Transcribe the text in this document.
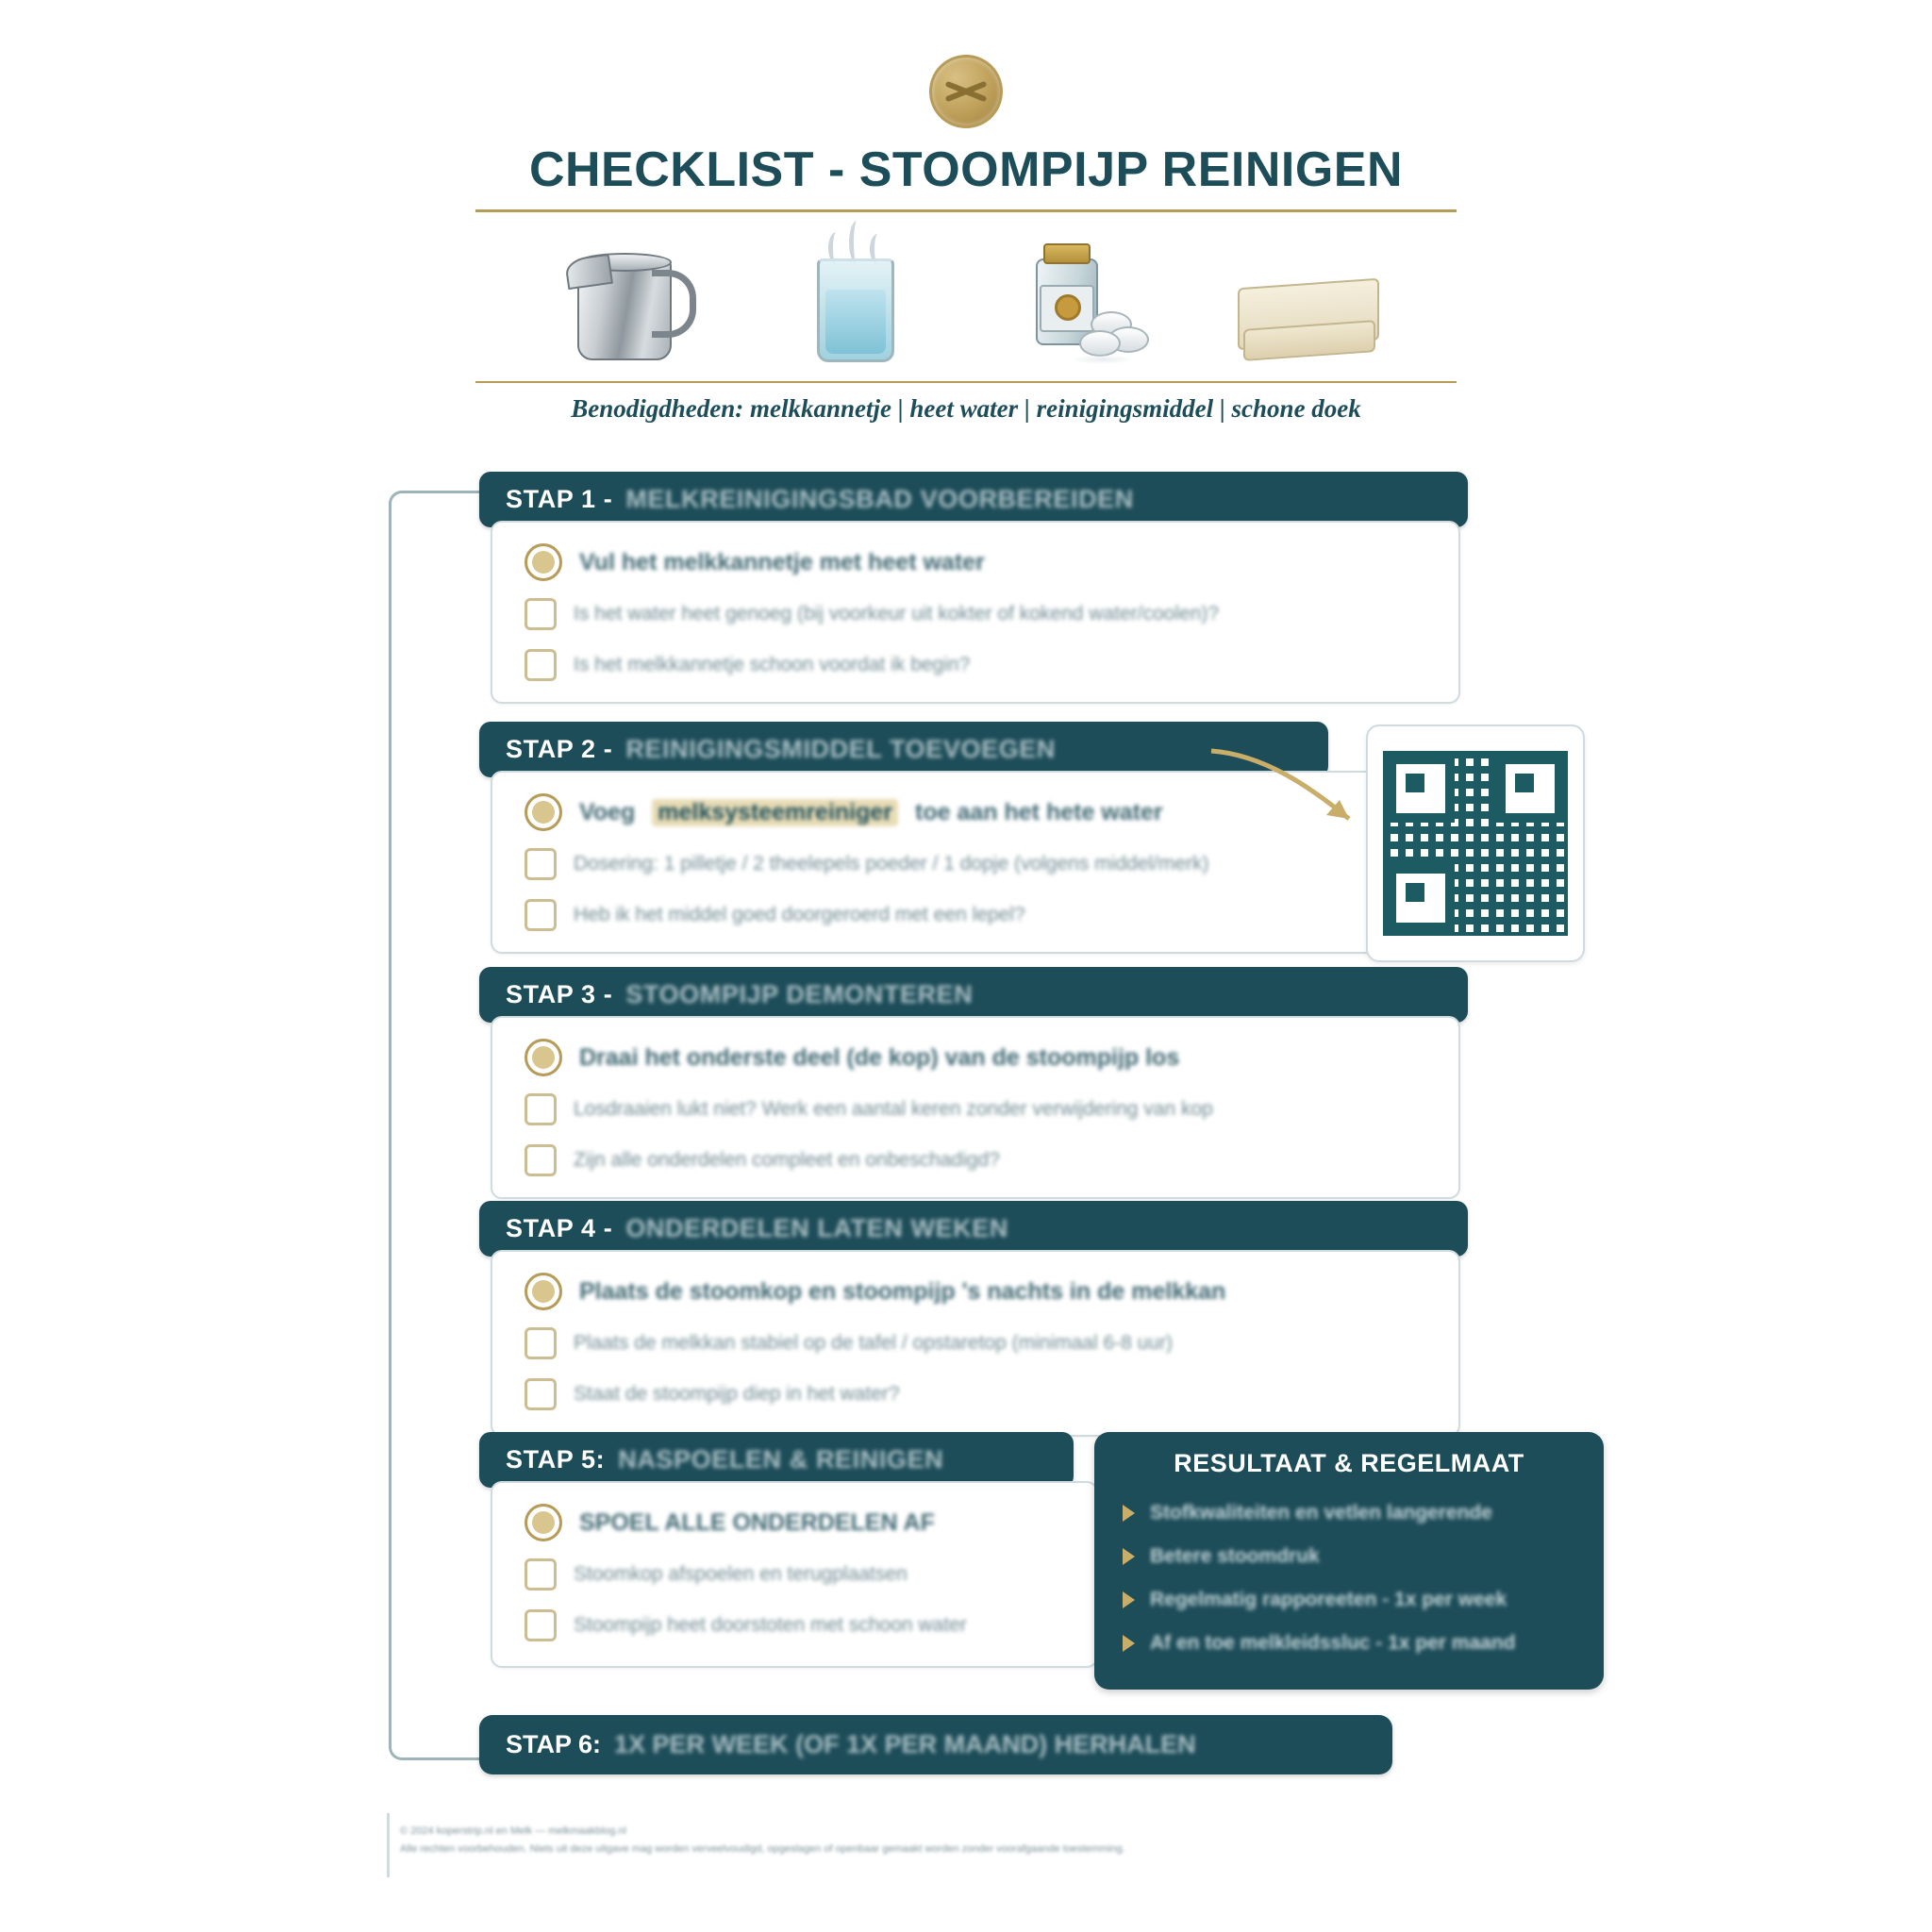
CHECKLIST - STOOMPIJP REINIGEN
Benodigdheden: melkkannetje | heet water | reinigingsmiddel | schone doek
STAP 1 - MELKREINIGINGSBAD VOORBEREIDEN
Vul het melkkannetje met heet water
Is het water heet genoeg (bij voorkeur uit kokter of kokend water/coolen)?
Is het melkkannetje schoon voordat ik begin?
STAP 2 - REINIGINGSMIDDEL TOEVOEGEN
Voeg melksysteemreiniger toe aan het hete water
Dosering: 1 pilletje / 2 theelepels poeder / 1 dopje (volgens middel/merk)
Heb ik het middel goed doorgeroerd met een lepel?
STAP 3 - STOOMPIJP DEMONTEREN
Draai het onderste deel (de kop) van de stoompijp los
Losdraaien lukt niet? Werk een aantal keren zonder verwijdering van kop
Zijn alle onderdelen compleet en onbeschadigd?
STAP 4 - ONDERDELEN LATEN WEKEN
Plaats de stoomkop en stoompijp 's nachts in de melkkan
Plaats de melkkan stabiel op de tafel / opstaretop (minimaal 6-8 uur)
Staat de stoompijp diep in het water?
STAP 5: NASPOELEN & REINIGEN
SPOEL ALLE ONDERDELEN AF
Stoomkop afspoelen en terugplaatsen
Stoompijp heet doorstoten met schoon water
RESULTAAT & REGELMAAT
Stofkwaliteiten en vetlen langerende
Betere stoomdruk
Regelmatig rapporeeten - 1x per week
Af en toe melkleidssluc - 1x per maand
STAP 6: 1X PER WEEK (OF 1X PER MAAND) HERHALEN
© 2024 koperstrip.nl en Melk — melkmaakblog.nl
Alle rechten voorbehouden. Niets uit deze uitgave mag worden verveelvoudigd, opgeslagen of openbaar gemaakt worden zonder voorafgaande toestemming.
